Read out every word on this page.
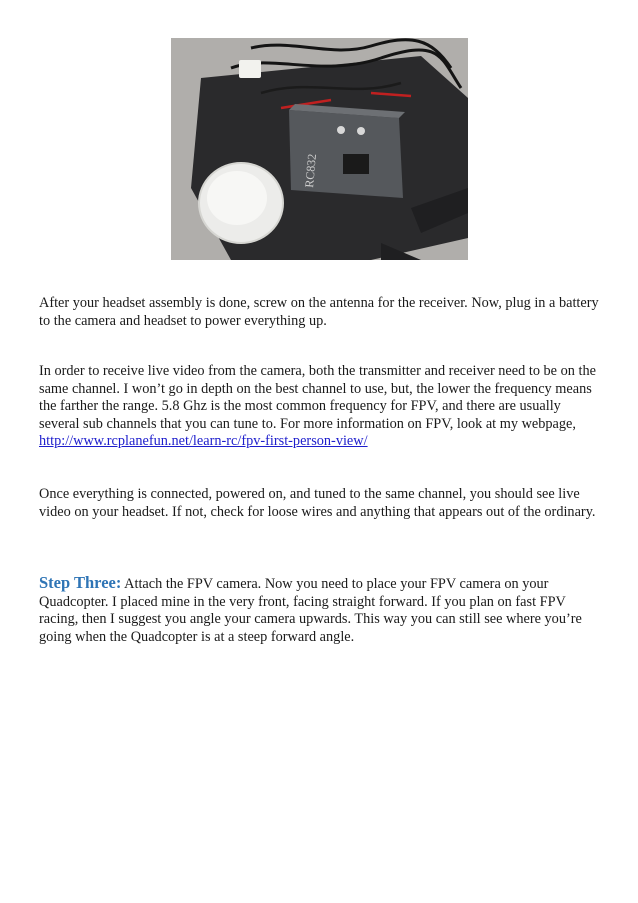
RC832

After your headset assembly is done, screw on the antenna for the receiver. Now, plug in a battery to the camera and headset to power everything up.

In order to receive live video from the camera, both the transmitter and receiver need to be on the same channel. I won’t go in depth on the best channel to use, but, the lower the frequency means the farther the range. 5.8 Ghz is the most common frequency for FPV, and there are usually several sub channels that you can tune to. For more information on FPV, look at my webpage, http://www.rcplanefun.net/learn-rc/fpv-first-person-view/

Once everything is connected, powered on, and tuned to the same channel, you should see live video on your headset. If not, check for loose wires and anything that appears out of the ordinary.

Step Three: Attach the FPV camera. Now you need to place your FPV camera on your Quadcopter. I placed mine in the very front, facing straight forward. If you plan on fast FPV racing, then I suggest you angle your camera upwards. This way you can still see where you’re going when the Quadcopter is at a steep forward angle.
